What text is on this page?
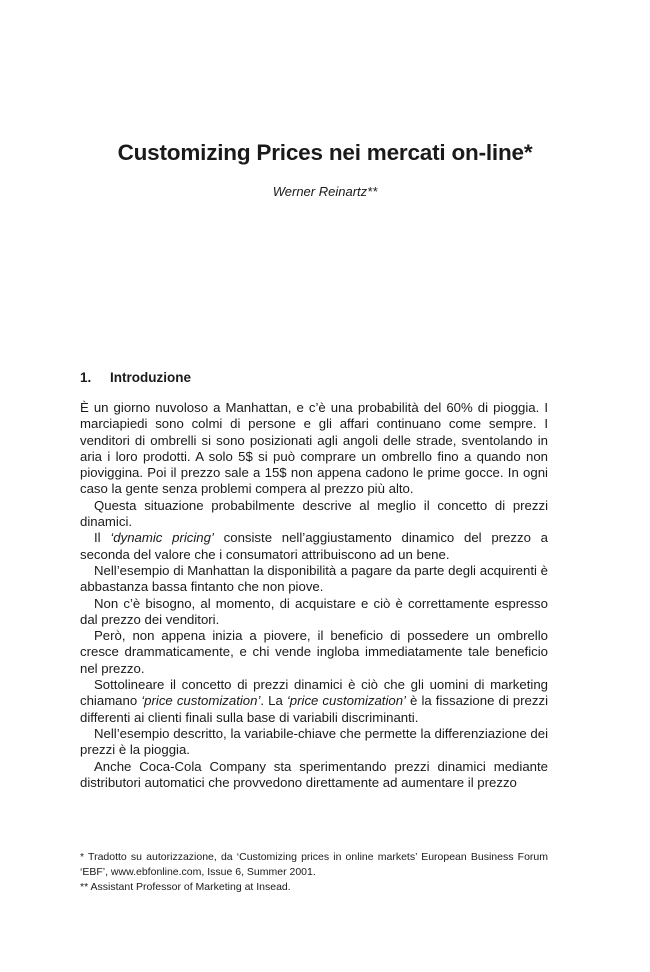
Customizing Prices nei mercati on-line*
Werner Reinartz**
1. Introduzione

È un giorno nuvoloso a Manhattan, e c’è una probabilità del 60% di pioggia. I marciapiedi sono colmi di persone e gli affari continuano come sempre. I venditori di ombrelli si sono posizionati agli angoli delle strade, sventolando in aria i loro prodotti. A solo 5$ si può comprare un ombrello fino a quando non pioviggina. Poi il prezzo sale a 15$ non appena cadono le prime gocce. In ogni caso la gente senza problemi compera al prezzo più alto.

Questa situazione probabilmente descrive al meglio il concetto di prezzi dinamici.

Il ‘dynamic pricing’ consiste nell’aggiustamento dinamico del prezzo a seconda del valore che i consumatori attribuiscono ad un bene.

Nell’esempio di Manhattan la disponibilità a pagare da parte degli acquirenti è abbastanza bassa fintanto che non piove.

Non c’è bisogno, al momento, di acquistare e ciò è correttamente espresso dal prezzo dei venditori.

Però, non appena inizia a piovere, il beneficio di possedere un ombrello cresce drammaticamente, e chi vende ingloba immediatamente tale beneficio nel prezzo.

Sottolineare il concetto di prezzi dinamici è ciò che gli uomini di marketing chiamano ‘price customization’. La ‘price customization’ è la fissazione di prezzi differenti ai clienti finali sulla base di variabili discriminanti.

Nell’esempio descritto, la variabile-chiave che permette la differenziazione dei prezzi è la pioggia.

Anche Coca-Cola Company sta sperimentando prezzi dinamici mediante distributori automatici che provvedono direttamente ad aumentare il prezzo

* Tradotto su autorizzazione, da ‘Customizing prices in online markets’ European Business Forum ‘EBF’, www.ebfonline.com, Issue 6, Summer 2001.

** Assistant Professor of Marketing at Insead.
